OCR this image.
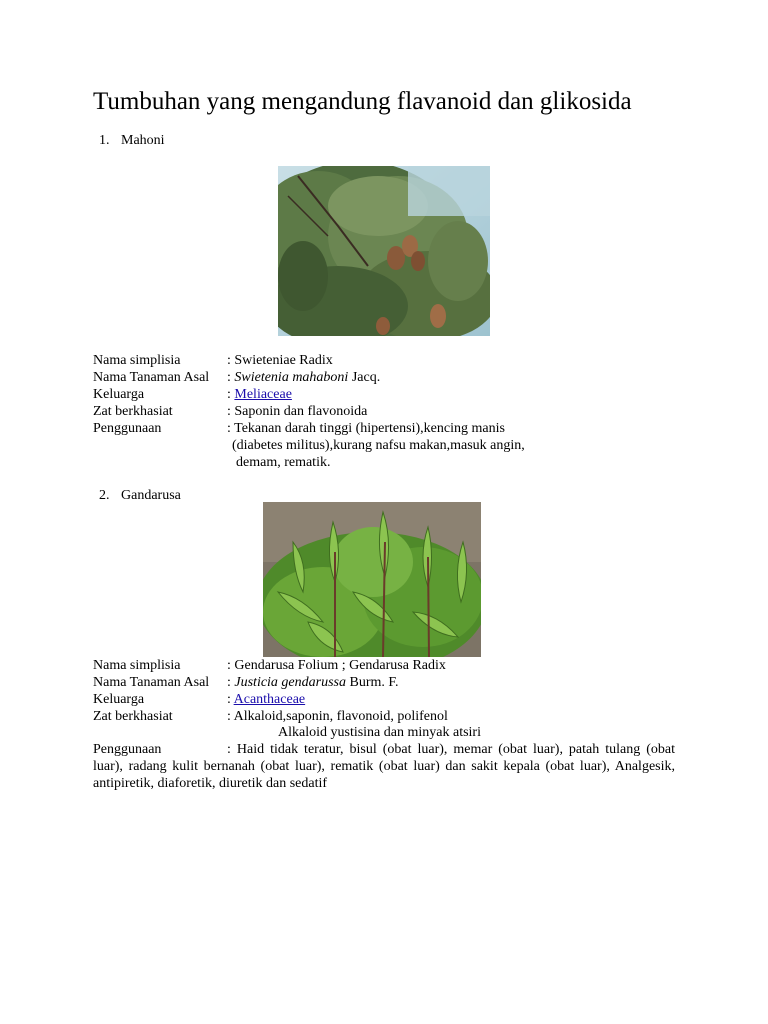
Tumbuhan yang mengandung flavanoid dan glikosida
1. Mahoni
Nama simplisia	: Swieteniae Radix
Nama Tanaman Asal : Swietenia mahaboni Jacq.
Keluarga	: Meliaceae
Zat berkhasiat	: Saponin dan flavonoida
Penggunaan	: Tekanan darah tinggi (hipertensi),kencing manis
(diabetes militus),kurang nafsu makan,masuk angin,
demam, rematik.
2. Gandarusa
Nama simplisia	: Gendarusa Folium ; Gendarusa Radix
Nama Tanaman Asal : Justicia gendarussa Burm. F.
Keluarga	: Acanthaceae
Zat berkhasiat	: Alkaloid,saponin, flavonoid, polifenol
Alkaloid yustisina dan minyak atsiri
Penggunaan	: Haid tidak teratur, bisul (obat luar), memar (obat luar), patah tulang (obat luar), radang kulit bernanah (obat luar), rematik (obat luar) dan sakit kepala (obat luar), Analgesik, antipiretik, diaforetik, diuretik dan sedatif
